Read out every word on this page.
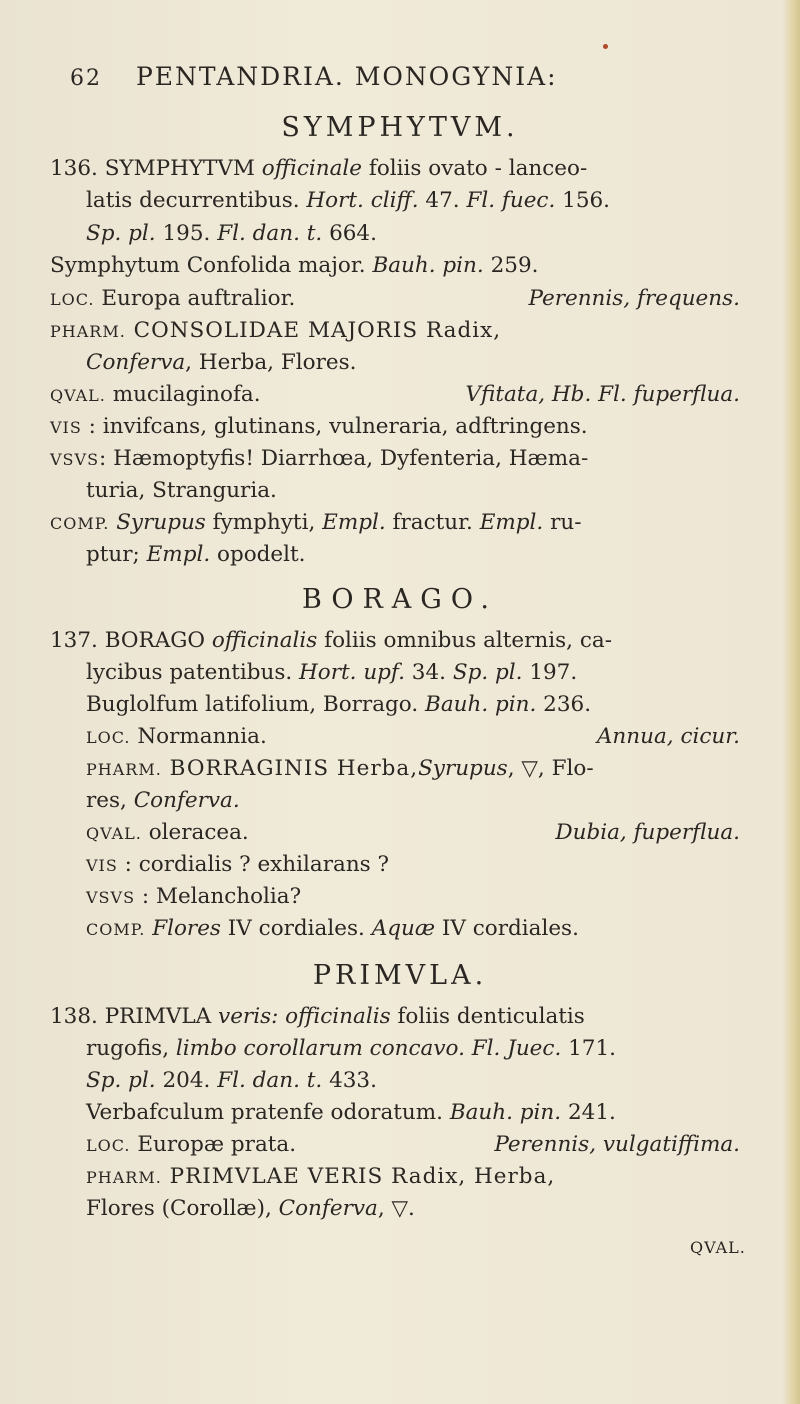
62 PENTANDRIA. MONOGYNIA:
SYMPHYTVM.
136. SYMPHYTVM officinale foliis ovato - lanceo-
latis decurrentibus. Hort. cliff. 47. Fl. fuec. 156.
Sp. pl. 195. Fl. dan. t. 664.
Symphytum Confolida major. Bauh. pin. 259.
LOC. Europa auftralior.	Perennis, frequens.
PHARM. CONSOLIDAE MAJORIS Radix,
Conferva, Herba, Flores.
QVAL. mucilaginofa.	Vfitata, Hb. Fl. fuperflua.
VIS : invifcans, glutinans, vulneraria, adftringens.
VSVS: Hæmoptyfis! Diarrhœa, Dyfenteria, Hæma-
turia, Stranguria.
COMP. Syrupus fymphyti, Empl. fractur. Empl. ru-
ptur; Empl. opodelt.
BORAGO.
137. BORAGO officinalis foliis omnibus alternis, ca-
lycibus patentibus. Hort. upf. 34. Sp. pl. 197.
Buglolfum latifolium, Borrago. Bauh. pin. 236.
LOC. Normannia.	Annua, cicur.
PHARM. BORRAGINIS Herba,Syrupus, ▽, Flo-
res, Conferva.
QVAL. oleracea.	Dubia, fuperflua.
VIS : cordialis ? exhilarans ?
VSVS : Melancholia?
COMP. Flores IV cordiales. Aquæ IV cordiales.
PRIMVLA.
138. PRIMVLA veris: officinalis foliis denticulatis
rugofis, limbo corollarum concavo. Fl. Juec. 171.
Sp. pl. 204. Fl. dan. t. 433.
Verbafculum pratenfe odoratum. Bauh. pin. 241.
LOC. Europæ prata.	Perennis, vulgatiffima.
PHARM. PRIMVLAE VERIS Radix, Herba,
Flores (Corollæ), Conferva, ▽.
QVAL.
